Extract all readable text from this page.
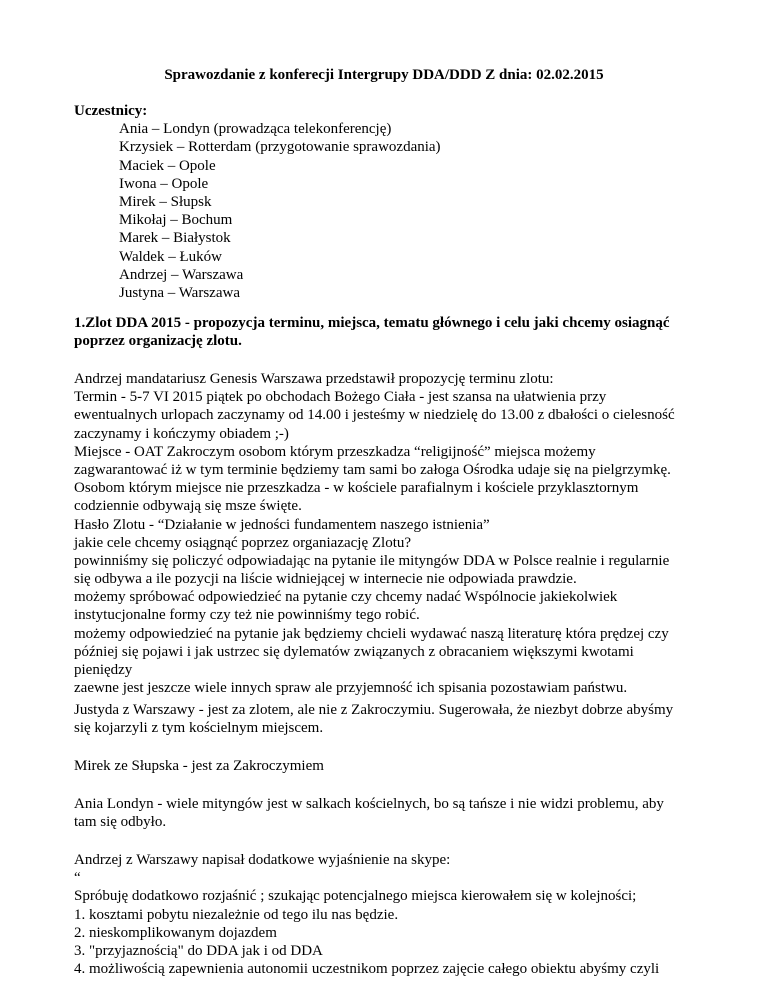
Sprawozdanie z konferecji Intergrupy DDA/DDD Z dnia: 02.02.2015
Uczestnicy:
Ania – Londyn (prowadząca telekonferencję)
Krzysiek – Rotterdam (przygotowanie sprawozdania)
Maciek – Opole
Iwona – Opole
Mirek – Słupsk
Mikołaj – Bochum
Marek – Białystok
Waldek – Łuków
Andrzej – Warszawa
Justyna – Warszawa
1.Zlot DDA 2015 - propozycja terminu, miejsca, tematu głównego i celu jaki chcemy osiagnąć
poprzez organizację zlotu.
Andrzej mandatariusz Genesis Warszawa przedstawił propozycję terminu zlotu:
Termin - 5-7 VI 2015 piątek po obchodach Bożego Ciała - jest szansa na ułatwienia przy
ewentualnych urlopach zaczynamy od 14.00 i jesteśmy w niedzielę do 13.00 z dbałości o cielesność
zaczynamy i kończymy obiadem ;-)
Miejsce - OAT Zakroczym osobom którym przeszkadza “religijność” miejsca możemy
zagwarantować iż w tym terminie będziemy tam sami bo załoga Ośrodka udaje się na pielgrzymkę.
Osobom którym miejsce nie przeszkadza - w kościele parafialnym i kościele przyklasztornym
codziennie odbywają się msze święte.
Hasło Zlotu - “Działanie w jedności fundamentem naszego istnienia”
jakie cele chcemy osiągnąć poprzez organiazację Zlotu?
powinniśmy się policzyć odpowiadając na pytanie ile mityngów DDA w Polsce realnie i regularnie
się odbywa a ile pozycji na liście widniejącej w internecie nie odpowiada prawdzie.
możemy spróbować odpowiedzieć na pytanie czy chcemy nadać Wspólnocie jakiekolwiek
instytucjonalne formy czy też nie powinniśmy tego robić.
możemy odpowiedzieć na pytanie jak będziemy chcieli wydawać naszą literaturę która prędzej czy
później się pojawi i jak ustrzec się dylematów związanych z obracaniem większymi kwotami
pieniędzy
zaewne jest jeszcze wiele innych spraw ale przyjemność ich spisania pozostawiam państwu.
Justyda z Warszawy - jest za zlotem, ale nie z Zakroczymiu. Sugerowała, że niezbyt dobrze abyśmy
się kojarzyli z tym kościelnym miejscem.
Mirek ze Słupska - jest za Zakroczymiem
Ania Londyn - wiele mityngów jest w salkach kościelnych, bo są tańsze i nie widzi problemu, aby
tam się odbyło.
Andrzej z Warszawy napisał dodatkowe wyjaśnienie na skype:
“
Spróbuję dodatkowo rozjaśnić ; szukając potencjalnego miejsca kierowałem się w kolejności;
1. kosztami pobytu niezależnie od tego ilu nas będzie.
2. nieskomplikowanym dojazdem
3. "przyjaznością" do DDA jak i od DDA
4. możliwością zapewnienia autonomii uczestnikom poprzez zajęcie całego obiektu abyśmy czyli
